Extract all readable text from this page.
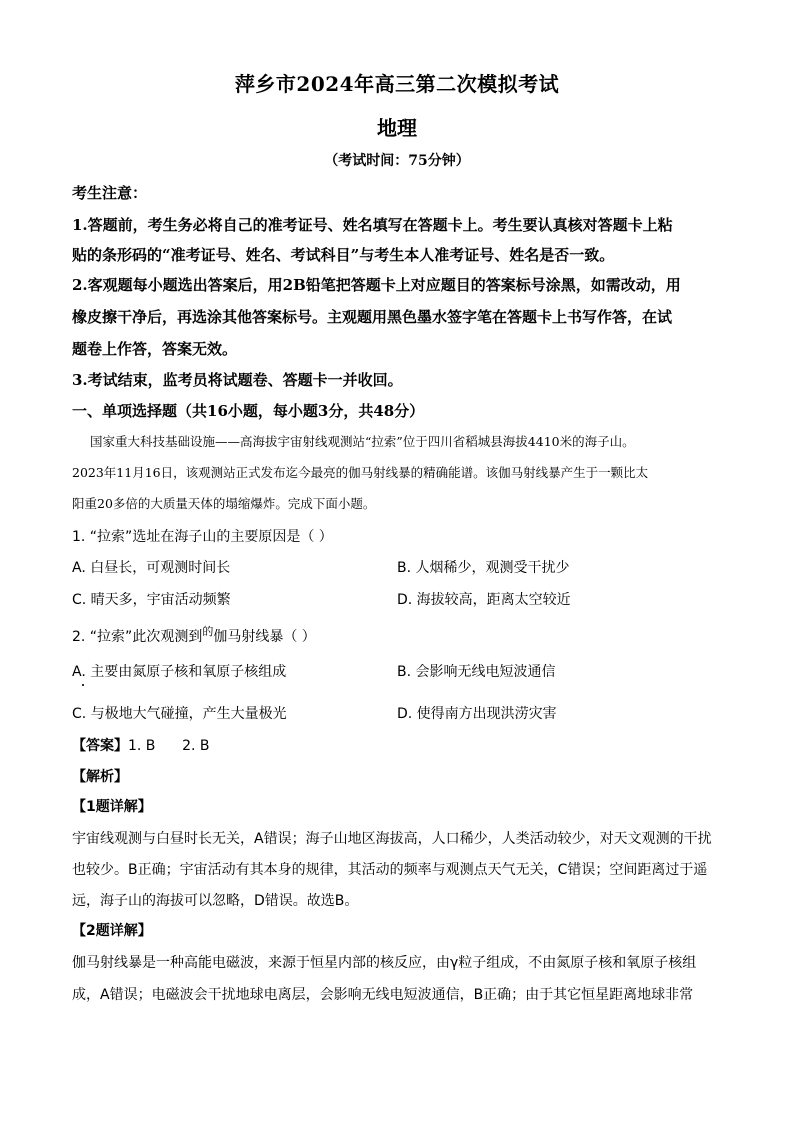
萍乡市2024年高三第二次模拟考试
地理
（考试时间：75分钟）
考生注意：
1.答题前，考生务必将自己的准考证号、姓名填写在答题卡上。考生要认真核对答题卡上粘
贴的条形码的“准考证号、姓名、考试科目”与考生本人准考证号、姓名是否一致。
2.客观题每小题选出答案后，用2B铅笔把答题卡上对应题目的答案标号涂黑，如需改动，用
橡皮擦干净后，再选涂其他答案标号。主观题用黑色墨水签字笔在答题卡上书写作答，在试
题卷上作答，答案无效。
3.考试结束，监考员将试题卷、答题卡一并收回。
一、单项选择题（共16小题，每小题3分，共48分）
国家重大科技基础设施——高海拔宇宙射线观测站“拉索”位于四川省稻城县海拔4410米的海子山。
2023年11月16日，该观测站正式发布迄今最亮的伽马射线暴的精确能谱。该伽马射线暴产生于一颗比太
阳重20多倍的大质量天体的塌缩爆炸。完成下面小题。
1. “拉索”选址在海子山的主要原因是（ ）
A. 白昼长，可观测时间长	B. 人烟稀少，观测受干扰少
C. 晴天多，宇宙活动频繁	D. 海拔较高，距离太空较近
2. “拉索”此次观测到$^的$伽马射线暴（ ）
A. 主要由氮原子核和氧原子核组成	B. 会影响无线电短波通信
C. 与极地大气碰撞，产生大量极光	D. 使得南方出现洪涝灾害
【答案】1. B      2. B
【解析】
【1题详解】
宇宙线观测与白昼时长无关，A错误；海子山地区海拔高，人口稀少，人类活动较少，对天文观测的干扰
也较少。B正确；宇宙活动有其本身的规律，其活动的频率与观测点天气无关，C错误；空间距离过于遥
远，海子山的海拔可以忽略，D错误。故选B。
【2题详解】
伽马射线暴是一种高能电磁波，来源于恒星内部的核反应，由γ粒子组成，不由氮原子核和氧原子核组
成，A错误；电磁波会干扰地球电离层，会影响无线电短波通信，B正确；由于其它恒星距离地球非常
